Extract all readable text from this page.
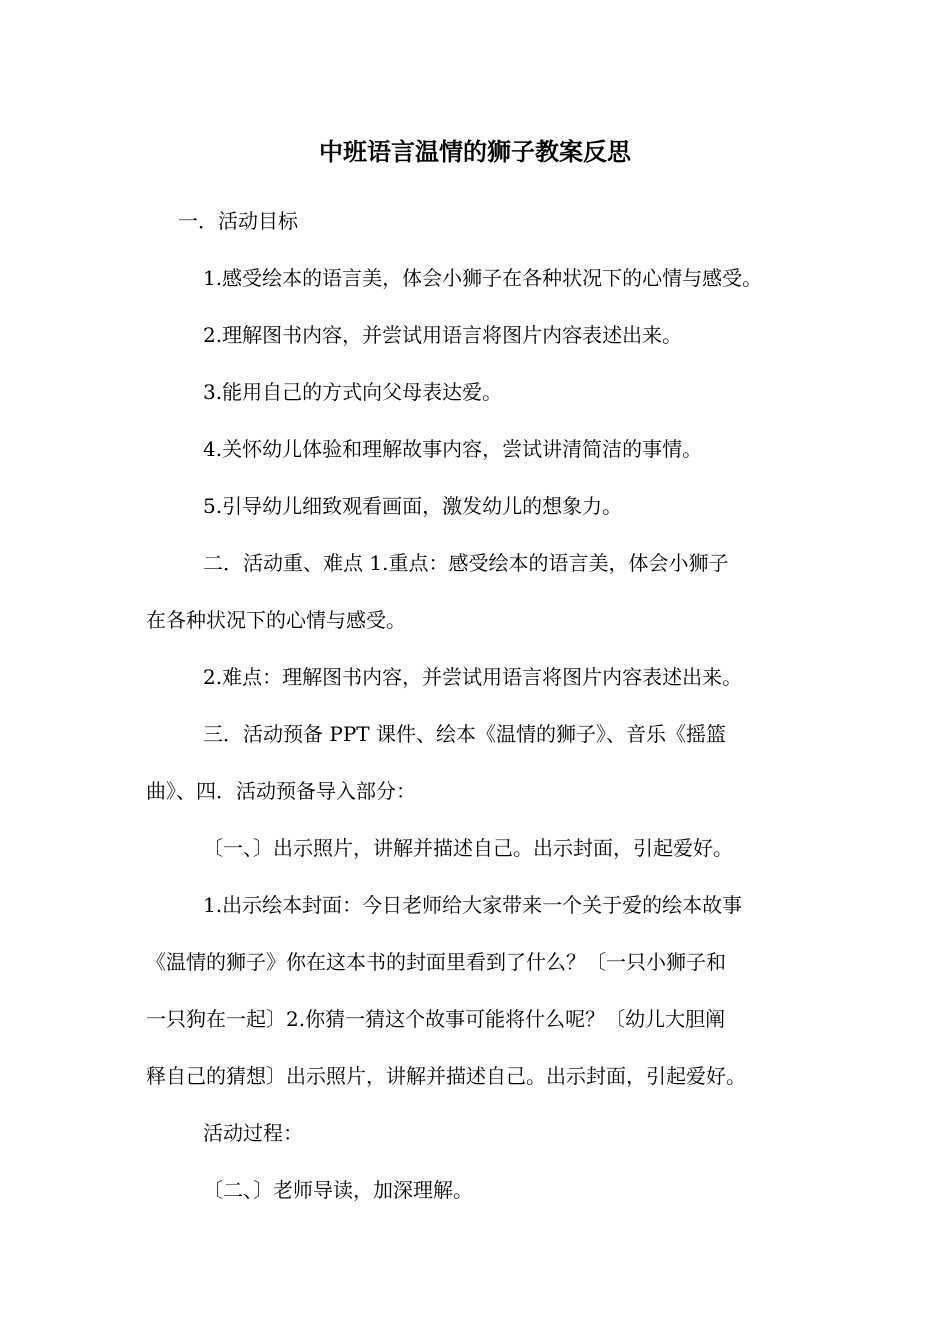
中班语言温情的狮子教案反思
一．活动目标
1.感受绘本的语言美，体会小狮子在各种状况下的心情与感受。
2.理解图书内容，并尝试用语言将图片内容表述出来。
3.能用自己的方式向父母表达爱。
4.关怀幼儿体验和理解故事内容，尝试讲清简洁的事情。
5.引导幼儿细致观看画面，激发幼儿的想象力。
二．活动重、难点 1.重点：感受绘本的语言美，体会小狮子
在各种状况下的心情与感受。
2.难点：理解图书内容，并尝试用语言将图片内容表述出来。
三．活动预备 PPT 课件、绘本《温情的狮子》、音乐《摇篮
曲》、四．活动预备导入部分：
〔一、〕出示照片，讲解并描述自己。出示封面，引起爱好。
1.出示绘本封面：今日老师给大家带来一个关于爱的绘本故事
《温情的狮子》你在这本书的封面里看到了什么？〔一只小狮子和
一只狗在一起〕2.你猜一猜这个故事可能将什么呢？〔幼儿大胆阐
释自己的猜想〕出示照片，讲解并描述自己。出示封面，引起爱好。
活动过程：
〔二、〕老师导读，加深理解。
